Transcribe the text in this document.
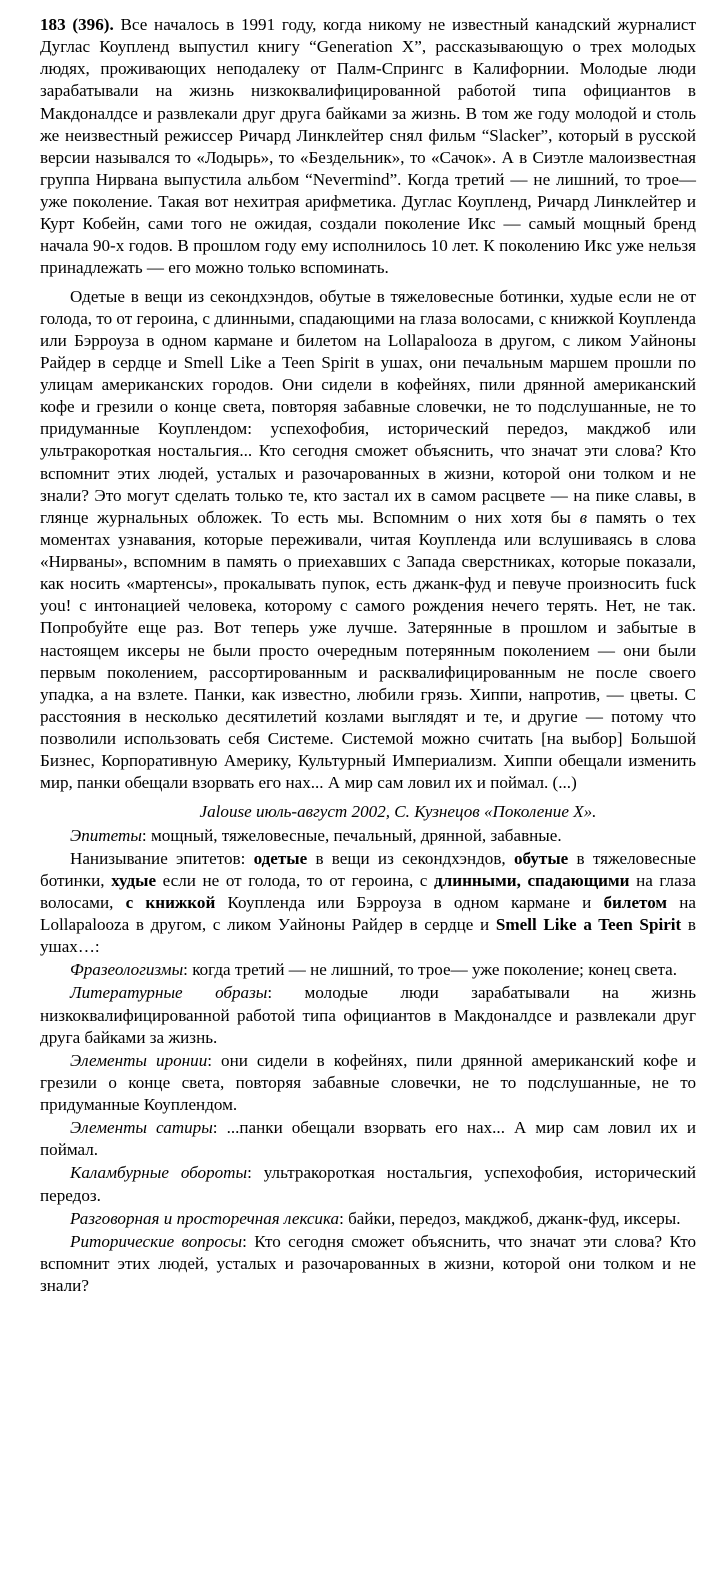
183 (396). Все началось в 1991 году, когда никому не известный канадский журналист Дуглас Коупленд выпустил книгу “Generation X”, рассказывающую о трех молодых людях, проживающих неподалеку от Палм-Спрингс в Калифорнии. Молодые люди зарабатывали на жизнь низкоквалифицированной работой типа официантов в Макдоналдсе и развлекали друг друга байками за жизнь. В том же году молодой и столь же неизвестный режиссер Ричард Линклейтер снял фильм “Slacker”, который в русской версии назывался то «Лодырь», то «Бездельник», то «Сачок». А в Сиэтле малоизвестная группа Нирвана выпустила альбом “Nevermind”. Когда третий — не лишний, то трое— уже поколение. Такая вот нехитрая арифметика. Дуглас Коупленд, Ричард Линклейтер и Курт Кобейн, сами того не ожидая, создали поколение Икс — самый мощный бренд начала 90-х годов. В прошлом году ему исполнилось 10 лет. К поколению Икс уже нельзя принадлежать — его можно только вспоминать.

Одетые в вещи из секондхэндов, обутые в тяжеловесные ботинки, худые если не от голода, то от героина, с длинными, спадающими на глаза волосами, с книжкой Коупленда или Бэрроуза в одном кармане и билетом на Lollapalooza в другом, с ликом Уайноны Райдер в сердце и Smell Like a Teen Spirit в ушах, они печальным маршем прошли по улицам американских городов. Они сидели в кофейнях, пили дрянной американский кофе и грезили о конце света, повторяя забавные словечки, не то подслушанные, не то придуманные Коуплендом: успехофобия, исторический передоз, макджоб или ультракороткая ностальгия... Кто сегодня сможет объяснить, что значат эти слова? Кто вспомнит этих людей, усталых и разочарованных в жизни, которой они толком и не знали? Это могут сделать только те, кто застал их в самом расцвете — на пике славы, в глянце журнальных обложек. То есть мы. Вспомним о них хотя бы в память о тех моментах узнавания, которые переживали, читая Коупленда или вслушиваясь в слова «Нирваны», вспомним в память о приехавших с Запада сверстниках, которые показали, как носить «мартенсы», прокалывать пупок, есть джанк-фуд и певуче произносить fuck you! с интонацией человека, которому с самого рождения нечего терять. Нет, не так. Попробуйте еще раз. Вот теперь уже лучше. Затерянные в прошлом и забытые в настоящем иксеры не были просто очередным потерянным поколением — они были первым поколением, рассортированным и расквалифицированным не после своего упадка, а на взлете. Панки, как известно, любили грязь. Хиппи, напротив, — цветы. С расстояния в несколько десятилетий козлами выглядят и те, и другие — потому что позволили использовать себя Системе. Системой можно считать [на выбор] Большой Бизнес, Корпоративную Америку, Культурный Империализм. Хиппи обещали изменить мир, панки обещали взорвать его нах... А мир сам ловил их и поймал. (...)

Jalouse июль-август 2002, С. Кузнецов «Поколение X».

Эпитеты: мощный, тяжеловесные, печальный, дрянной, забавные.

Нанизывание эпитетов: одетые в вещи из секондхэндов, обутые в тяжеловесные ботинки, худые если не от голода, то от героина, с длинными, спадающими на глаза волосами, с книжкой Коупленда или Бэрроуза в одном кармане и билетом на Lollapalooza в другом, с ликом Уайноны Райдер в сердце и Smell Like a Teen Spirit в ушах…:

Фразеологизмы: когда третий — не лишний, то трое— уже поколение; конец света.

Литературные образы: молодые люди зарабатывали на жизнь низкоквалифицированной работой типа официантов в Макдоналдсе и развлекали друг друга байками за жизнь.

Элементы иронии: они сидели в кофейнях, пили дрянной американский кофе и грезили о конце света, повторяя забавные словечки, не то подслушанные, не то придуманные Коуплендом.

Элементы сатиры: ...панки обещали взорвать его нах... А мир сам ловил их и поймал.

Каламбурные обороты: ультракороткая ностальгия, успехофобия, исторический передоз.

Разговорная и просторечная лексика: байки, передоз, макджоб, джанк-фуд, иксеры.

Риторические вопросы: Кто сегодня сможет объяснить, что значат эти слова? Кто вспомнит этих людей, усталых и разочарованных в жизни, которой они толком и не знали?
